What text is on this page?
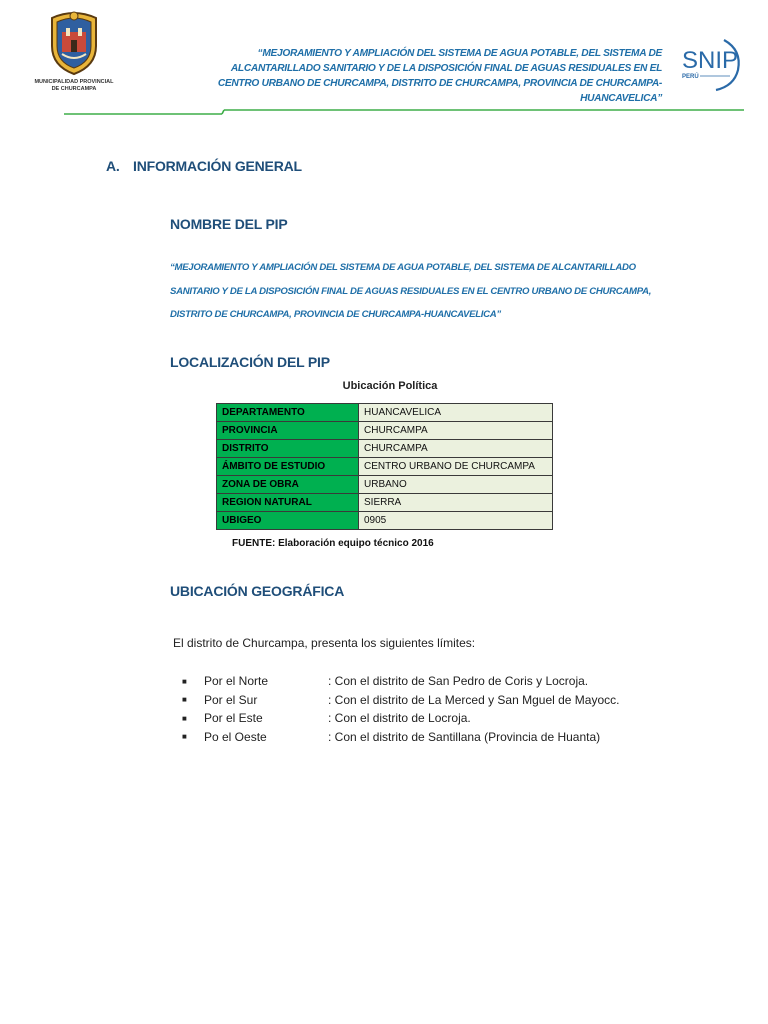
MUNICIPALIDAD PROVINCIAL DE CHURCAMPA
“MEJORAMIENTO Y AMPLIACIÓN DEL SISTEMA DE AGUA POTABLE, DEL SISTEMA DE ALCANTARILLADO SANITARIO Y DE LA DISPOSICIÓN FINAL DE AGUAS RESIDUALES EN EL CENTRO URBANO DE CHURCAMPA, DISTRITO DE CHURCAMPA, PROVINCIA DE CHURCAMPA-HUANCAVELICA”
SNIP
PERÚ
A. INFORMACIÓN GENERAL
NOMBRE DEL PIP
“MEJORAMIENTO Y AMPLIACIÓN DEL SISTEMA DE AGUA POTABLE, DEL SISTEMA DE ALCANTARILLADO SANITARIO Y DE LA DISPOSICIÓN FINAL DE AGUAS RESIDUALES EN EL CENTRO URBANO DE CHURCAMPA, DISTRITO DE CHURCAMPA, PROVINCIA DE CHURCAMPA-HUANCAVELICA”
LOCALIZACIÓN DEL PIP
Ubicación Política
DEPARTAMENTO	HUANCAVELICA
PROVINCIA	CHURCAMPA
DISTRITO	CHURCAMPA
ÁMBITO DE ESTUDIO	CENTRO URBANO DE CHURCAMPA
ZONA DE OBRA	URBANO
REGION NATURAL	SIERRA
UBIGEO	0905
FUENTE: Elaboración equipo técnico 2016
UBICACIÓN GEOGRÁFICA
El distrito de Churcampa, presenta los siguientes límites:
■	Por el Norte	: Con el distrito de San Pedro de Coris y Locroja.
■	Por el Sur	: Con el distrito de La Merced y San Mguel de Mayocc.
■	Por el Este	: Con el distrito de Locroja.
■	Po el Oeste	: Con el distrito de Santillana (Provincia de Huanta)
